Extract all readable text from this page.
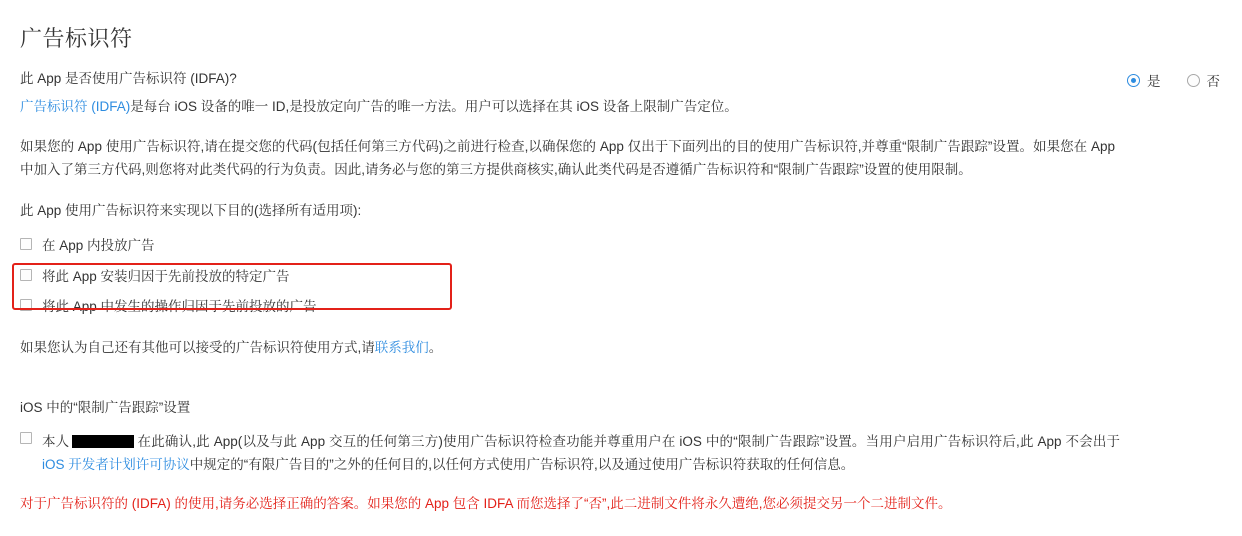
广告标识符
此 App 是否使用广告标识符 (IDFA)?	是	否
广告标识符 (IDFA)是每台 iOS 设备的唯一 ID,是投放定向广告的唯一方法。用户可以选择在其 iOS 设备上限制广告定位。
如果您的 App 使用广告标识符,请在提交您的代码(包括任何第三方代码)之前进行检查,以确保您的 App 仅出于下面列出的目的使用广告标识符,并尊重“限制广告跟踪”设置。如果您在 App 中加入了第三方代码,则您将对此类代码的行为负责。因此,请务必与您的第三方提供商核实,确认此类代码是否遵循广告标识符和“限制广告跟踪”设置的使用限制。
此 App 使用广告标识符来实现以下目的(选择所有适用项):
在 App 内投放广告
将此 App 安装归因于先前投放的特定广告
将此 App 中发生的操作归因于先前投放的广告
如果您认为自己还有其他可以接受的广告标识符使用方式,请联系我们。
iOS 中的“限制广告跟踪”设置
本人	在此确认,此 App(以及与此 App 交互的任何第三方)使用广告标识符检查功能并尊重用户在 iOS 中的“限制广告跟踪”设置。当用户启用广告标识符后,此 App 不会出于iOS 开发者计划许可协议中规定的“有限广告目的”之外的任何目的,以任何方式使用广告标识符,以及通过使用广告标识符获取的任何信息。
对于广告标识符的 (IDFA) 的使用,请务必选择正确的答案。如果您的 App 包含 IDFA 而您选择了“否”,此二进制文件将永久遭绝,您必须提交另一个二进制文件。
